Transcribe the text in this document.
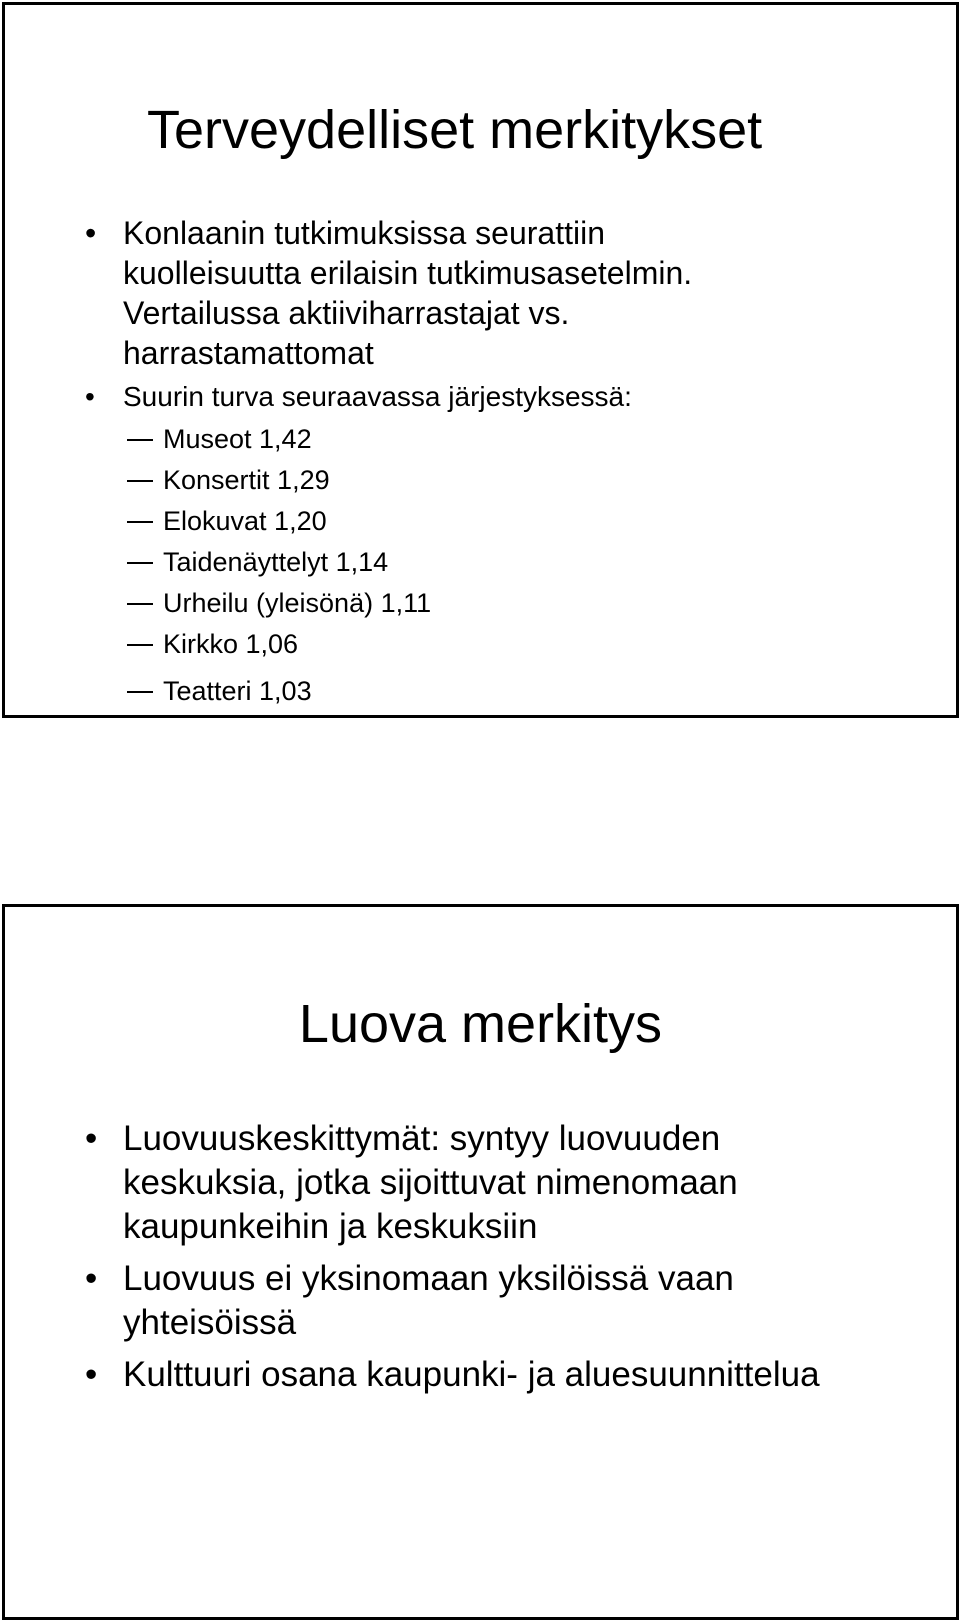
Terveydelliset merkitykset
• Konlaanin tutkimuksissa seurattiin
kuolleisuutta erilaisin tutkimusasetelmin.
Vertailussa aktiiviharrastajat vs.
harrastamattomat
• Suurin turva seuraavassa järjestyksessä:
Museot 1,42
Konsertit 1,29
Elokuvat 1,20
Taidenäyttelyt 1,14
Urheilu (yleisönä) 1,11
Kirkko 1,06
Teatteri 1,03
Luova merkitys
• Luovuuskeskittymät: syntyy luovuuden
keskuksia, jotka sijoittuvat nimenomaan
kaupunkeihin ja keskuksiin
• Luovuus ei yksinomaan yksilöissä vaan
yhteisöissä
• Kulttuuri osana kaupunki- ja aluesuunnittelua
